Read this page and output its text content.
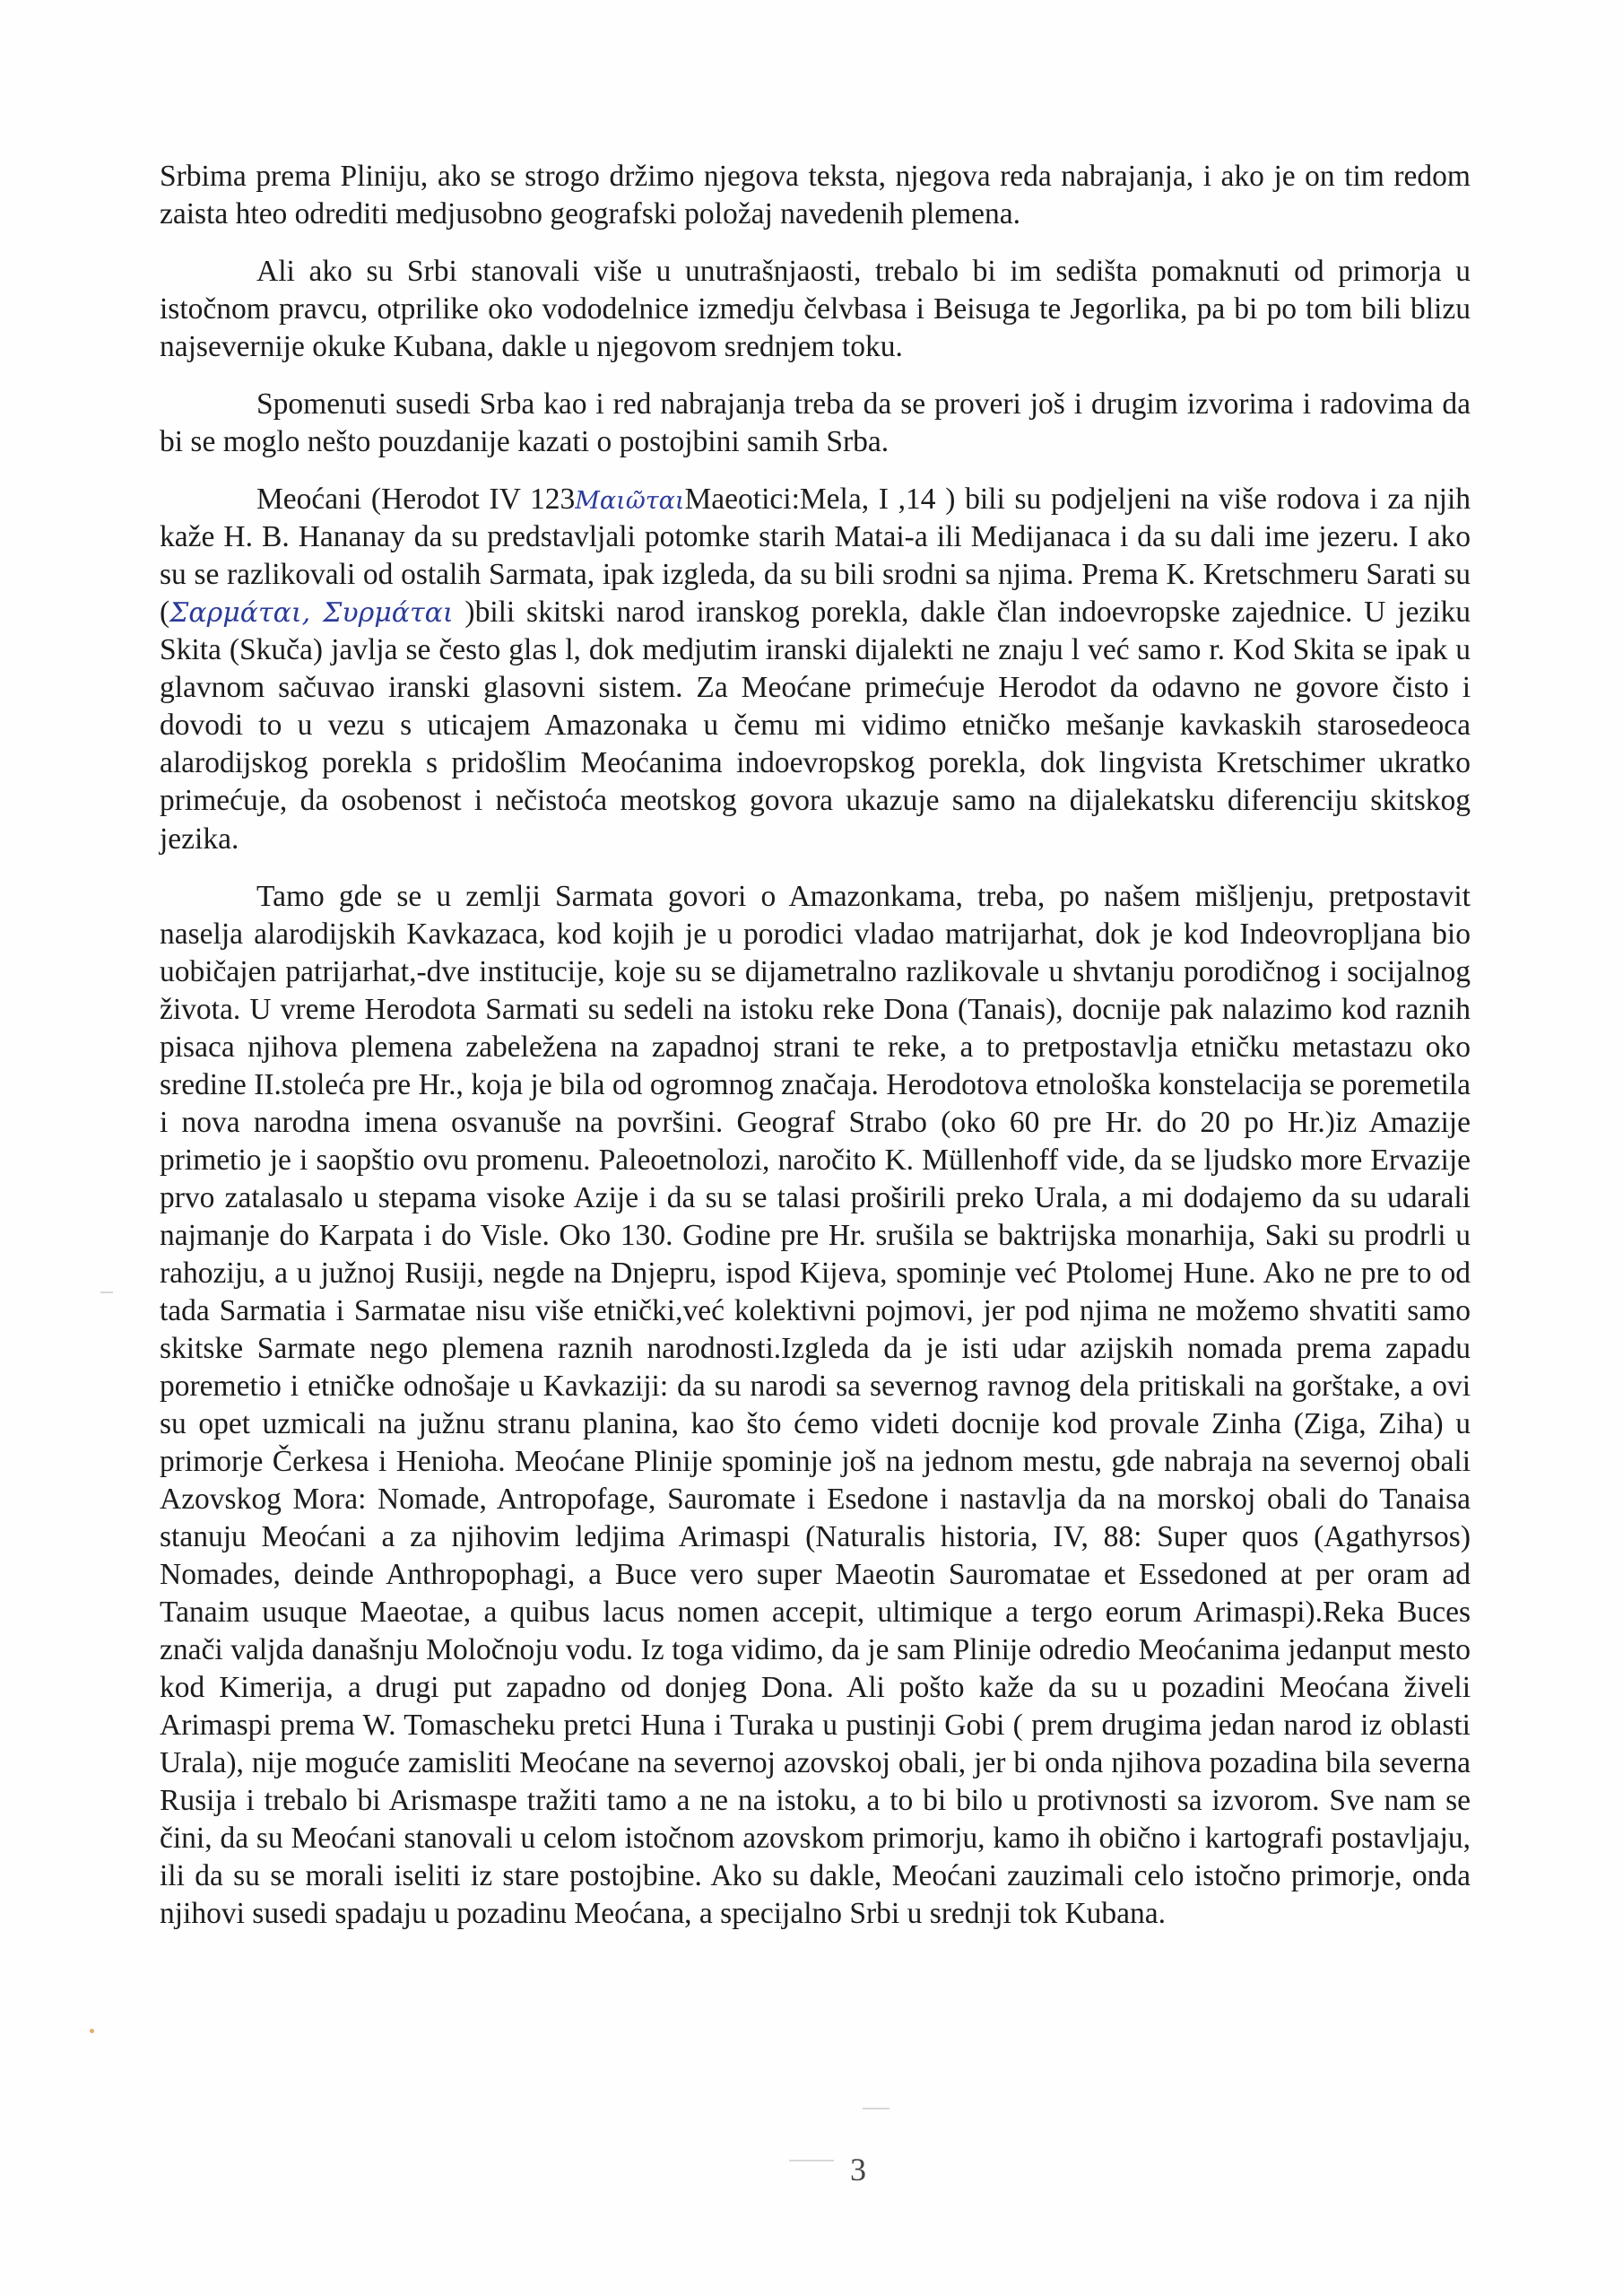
Srbima prema Pliniju, ako se strogo držimo njegova teksta, njegova reda nabrajanja, i ako je on tim redom zaista hteo odrediti medjusobno geografski položaj navedenih plemena.

Ali ako su Srbi stanovali više u unutrašnjaosti, trebalo bi im sedišta pomaknuti od primorja u istočnom pravcu, otprilike oko vododelnice izmedju čelvbasa i Beisuga te Jegorlika, pa bi po tom bili blizu najsevernije okuke Kubana, dakle u njegovom srednjem toku.

Spomenuti susedi Srba kao i red nabrajanja treba da se proveri još i drugim izvorima i radovima da bi se moglo nešto pouzdanije kazati o postojbini samih Srba.

Meoćani (Herodot IV 123ΜαιῶταιMaeotici:Mela, I ,14 ) bili su podjeljeni na više rodova i za njih kaže H. B. Hananay da su predstavljali potomke starih Matai-a ili Medijanaca i da su dali ime jezeru. I ako su se razlikovali od ostalih Sarmata, ipak izgleda, da su bili srodni sa njima. Prema K. Kretschmeru Sarati su (Σαρμάται, Συρμάται )bili skitski narod iranskog porekla, dakle član indoevropske zajednice. U jeziku Skita (Skuča) javlja se često glas l, dok medjutim iranski dijalekti ne znaju l već samo r. Kod Skita se ipak u glavnom sačuvao iranski glasovni sistem. Za Meoćane primećuje Herodot da odavno ne govore čisto i dovodi to u vezu s uticajem Amazonaka u čemu mi vidimo etničko mešanje kavkaskih starosedeoca alarodijskog porekla s pridošlim Meoćanima indoevropskog porekla, dok lingvista Kretschimer ukratko primećuje, da osobenost i nečistoća meotskog govora ukazuje samo na dijalekatsku diferenciju skitskog jezika.

Tamo gde se u zemlji Sarmata govori o Amazonkama, treba, po našem mišljenju, pretpostavit naselja alarodijskih Kavkazaca, kod kojih je u porodici vladao matrijarhat, dok je kod Indeovropljana bio uobičajen patrijarhat,-dve institucije, koje su se dijametralno razlikovale u shvtanju porodičnog i socijalnog života. U vreme Herodota Sarmati su sedeli na istoku reke Dona (Tanais), docnije pak nalazimo kod raznih pisaca njihova plemena zabeležena na zapadnoj strani te reke, a to pretpostavlja etničku metastazu oko sredine II.stoleća pre Hr., koja je bila od ogromnog značaja. Herodotova etnološka konstelacija se poremetila i nova narodna imena osvanuše na površini. Geograf Strabo (oko 60 pre Hr. do 20 po Hr.)iz Amazije primetio je i saopštio ovu promenu. Paleoetnolozi, naročito K. Müllenhoff vide, da se ljudsko more Ervazije prvo zatalasalo u stepama visoke Azije i da su se talasi proširili preko Urala, a mi dodajemo da su udarali najmanje do Karpata i do Visle. Oko 130. Godine pre Hr. srušila se baktrijska monarhija, Saki su prodrli u rahoziju, a u južnoj Rusiji, negde na Dnjepru, ispod Kijeva, spominje već Ptolomej Hune. Ako ne pre to od tada Sarmatia i Sarmatae nisu više etnički,već kolektivni pojmovi, jer pod njima ne možemo shvatiti samo skitske Sarmate nego plemena raznih narodnosti.Izgleda da je isti udar azijskih nomada prema zapadu poremetio i etničke odnošaje u Kavkaziji: da su narodi sa severnog ravnog dela pritiskali na gorštake, a ovi su opet uzmicali na južnu stranu planina, kao što ćemo videti docnije kod provale Zinha (Ziga, Ziha) u primorje Čerkesa i Henioha. Meoćane Plinije spominje još na jednom mestu, gde nabraja na severnoj obali Azovskog Mora: Nomade, Antropofage, Sauromate i Esedone i nastavlja da na morskoj obali do Tanaisa stanuju Meoćani a za njihovim ledjima Arimaspi (Naturalis historia, IV, 88: Super quos (Agathyrsos) Nomades, deinde Anthropophagi, a Buce vero super Maeotin Sauromatae et Essedoned at per oram ad Tanaim usuque Maeotae, a quibus lacus nomen accepit, ultimique a tergo eorum Arimaspi).Reka Buces znači valjda današnju Moločnoju vodu. Iz toga vidimo, da je sam Plinije odredio Meoćanima jedanput mesto kod Kimerija, a drugi put zapadno od donjeg Dona. Ali pošto kaže da su u pozadini Meoćana živeli Arimaspi prema W. Tomascheku pretci Huna i Turaka u pustinji Gobi ( prem drugima jedan narod iz oblasti Urala), nije moguće zamisliti Meoćane na severnoj azovskoj obali, jer bi onda njihova pozadina bila severna Rusija i trebalo bi Arismaspe tražiti tamo a ne na istoku, a to bi bilo u protivnosti sa izvorom. Sve nam se čini, da su Meoćani stanovali u celom istočnom azovskom primorju, kamo ih obično i kartografi postavljaju, ili da su se morali iseliti iz stare postojbine. Ako su dakle, Meoćani zauzimali celo istočno primorje, onda njihovi susedi spadaju u pozadinu Meoćana, a specijalno Srbi u srednji tok Kubana.

3
